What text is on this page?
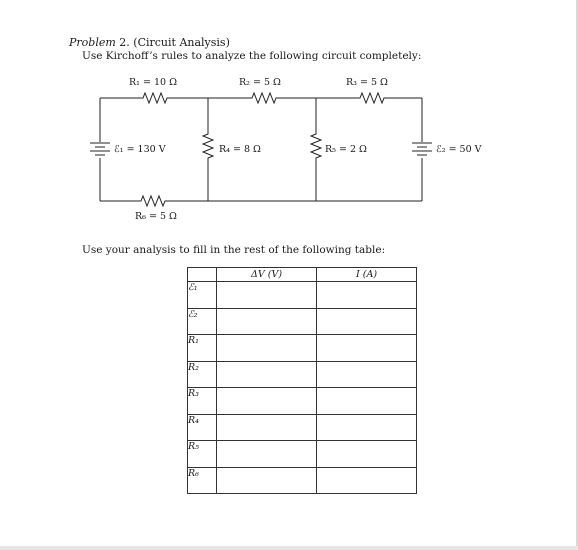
Problem 2. (Circuit Analysis)
Use Kirchoff’s rules to analyze the following circuit completely:
R₁ = 10 Ω	R₂ = 5 Ω	R₃ = 5 Ω
ℰ₁ = 130 V	R₄ = 8 Ω	R₅ = 2 Ω	ℰ₂ = 50 V
R₆ = 5 Ω
Use your analysis to fill in the rest of the following table:
	ΔV (V)	I (A)
ℰ₁		
ℰ₂		
R₁		
R₂		
R₃		
R₄		
R₅		
R₆		
